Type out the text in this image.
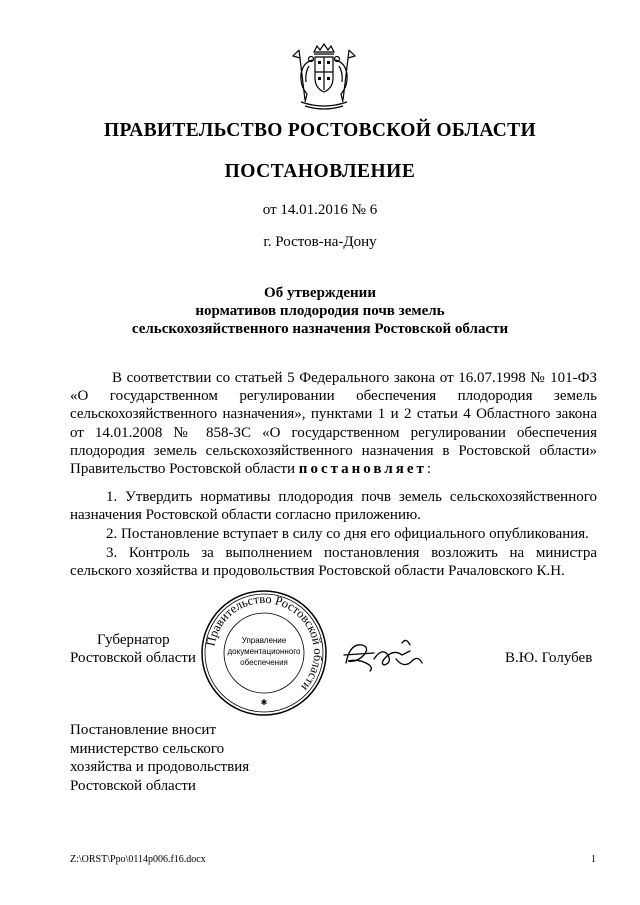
ПРАВИТЕЛЬСТВО РОСТОВСКОЙ ОБЛАСТИ
ПОСТАНОВЛЕНИЕ
от 14.01.2016 № 6
г. Ростов-на-Дону
Об утверждении
нормативов плодородия почв земель
сельскохозяйственного назначения Ростовской области
В соответствии со статьей 5 Федерального закона от 16.07.1998 № 101-ФЗ «О государственном регулировании обеспечения плодородия земель сельскохозяйственного назначения», пунктами 1 и 2 статьи 4 Областного закона от 14.01.2008 № 858-ЗС «О государственном регулировании обеспечения плодородия земель сельскохозяйственного назначения в Ростовской области» Правительство Ростовской области постановляет:
1. Утвердить нормативы плодородия почв земель сельскохозяйственного назначения Ростовской области согласно приложению.
2. Постановление вступает в силу со дня его официального опубликования.
3. Контроль за выполнением постановления возложить на министра сельского хозяйства и продовольствия Ростовской области Рачаловского К.Н.
Губернатор
Ростовской области
Правительство Ростовской области
Управление
документационного
обеспечения
✱
В.Ю. Голубев
Постановление вносит
министерство сельского
хозяйства и продовольствия
Ростовской области
Z:\ORST\Ppo\0114p006.f16.docx	1
